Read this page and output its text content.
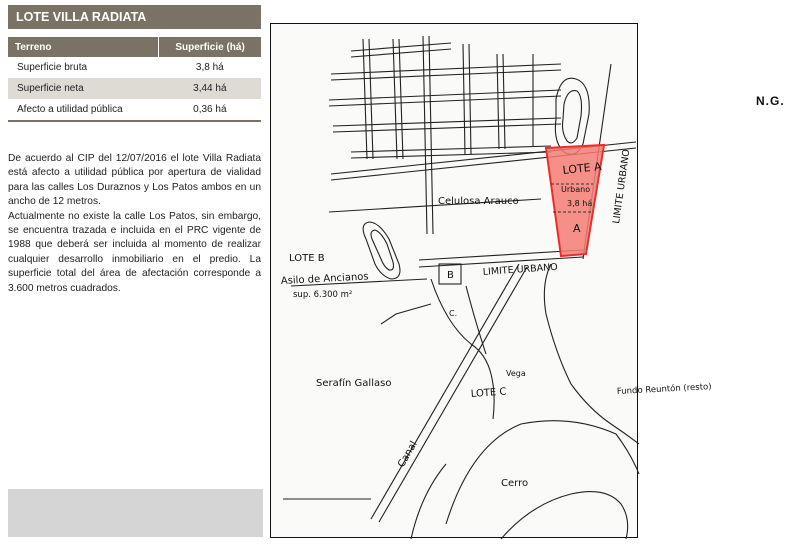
LOTE VILLA RADIATA
Terreno	Superficie (há)
Superficie bruta	3,8 há
Superficie neta	3,44 há
Afecto a utilidad pública	0,36 há

De acuerdo al CIP del 12/07/2016 el lote Villa Radiata está afecto a utilidad pública por apertura de vialidad para las calles Los Duraznos y Los Patos ambos en un ancho de 12 metros.

Actualmente no existe la calle Los Patos, sin embargo, se encuentra trazada e incluida en el PRC vigente de 1988 que deberá ser incluida al momento de realizar cualquier desarrollo inmobiliario en el predio. La superficie total del área de afectación corresponde a 3.600 metros cuadrados.

LOTE A
Urbano
3,8 há
A
LIMITE URBANO
LIMITE URBANO
Celulosa Arauco
LOTE B
Asilo de Ancianos
sup. 6.300 m²
B
C.
Serafín Gallaso
Vega
LOTE C	Fundo Reuntón (resto)
Canal
Cerro
N.G.
